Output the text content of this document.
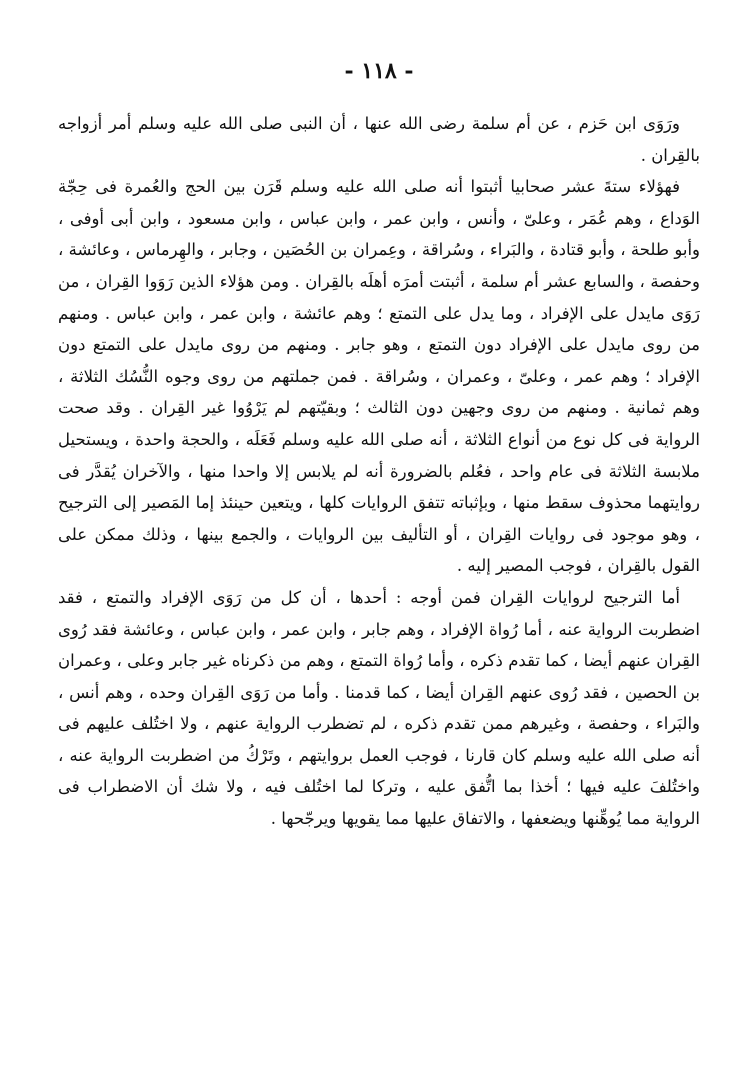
- ١١٨ -

ورَوَى ابن حَزم ، عن أم سلمة رضى الله عنها ، أن النبى صلى الله عليه وسلم أمر أزواجه بالقِران .

فهؤلاء ستةَ عشر صحابيا أثبتوا أنه صلى الله عليه وسلم قَرَن بين الحج والعُمرة فى حِجّة الوَداع ، وهم عُمَر ، وعلىّ ، وأنس ، وابن عمر ، وابن عباس ، وابن مسعود ، وابن أبى أوفى ، وأبو طلحة ، وأبو قتادة ، والبَراء ، وسُراقة ، وعِمران بن الحُصَين ، وجابر ، والهِرماس ، وعائشة ، وحفصة ، والسابع عشر أم سلمة ، أثبتت أمرَه أهلَه بالقِران . ومن هؤلاء الذين رَوَوا القِران ، من رَوَى مايدل على الإفراد ، وما يدل على التمتع ؛ وهم عائشة ، وابن عمر ، وابن عباس . ومنهم من روى مايدل على الإفراد دون التمتع ، وهو جابر . ومنهم من روى مايدل على التمتع دون الإفراد ؛ وهم عمر ، وعلىّ ، وعمران ، وسُراقة . فمن جملتهم من روى وجوه النُّسُك الثلاثة ، وهم ثمانية . ومنهم من روى وجهين دون الثالث ؛ وبقيّتهم لم يَرْوُوا غير القِران . وقد صحت الرواية فى كل نوع من أنواع الثلاثة ، أنه صلى الله عليه وسلم فَعَلَه ، والحجة واحدة ، ويستحيل ملابسة الثلاثة فى عام واحد ، فعُلم بالضرورة أنه لم يلابس إلا واحدا منها ، والآخران يُقدَّر فى روايتهما محذوف سقط منها ، وبإثباته تتفق الروايات كلها ، ويتعين حينئذ إما المَصير إلى الترجيح ، وهو موجود فى روايات القِران ، أو التأليف بين الروايات ، والجمع بينها ، وذلك ممكن على القول بالقِران ، فوجب المصير إليه .

أما الترجيح لروايات القِران فمن أوجه : أحدها ، أن كل من رَوَى الإفراد والتمتع ، فقد اضطربت الرواية عنه ، أما رُواة الإفراد ، وهم جابر ، وابن عمر ، وابن عباس ، وعائشة فقد رُوى القِران عنهم أيضا ، كما تقدم ذكره ، وأما رُواة التمتع ، وهم من ذكرناه غير جابر وعلى ، وعمران بن الحصين ، فقد رُوى عنهم القِران أيضا ، كما قدمنا . وأما من رَوَى القِران وحده ، وهم أنس ، والبَراء ، وحفصة ، وغيرهم ممن تقدم ذكره ، لم تضطرب الرواية عنهم ، ولا اختُلف عليهم فى أنه صلى الله عليه وسلم كان قارنا ، فوجب العمل بروايتهم ، وتَرْكُ من اضطربت الرواية عنه ، واختُلفَ عليه فيها ؛ أخذا بما اتُّفق عليه ، وتركا لما اختُلف فيه ، ولا شك أن الاضطراب فى الرواية مما يُوهِّنها ويضعفها ، والاتفاق عليها مما يقويها ويرجّحها .
